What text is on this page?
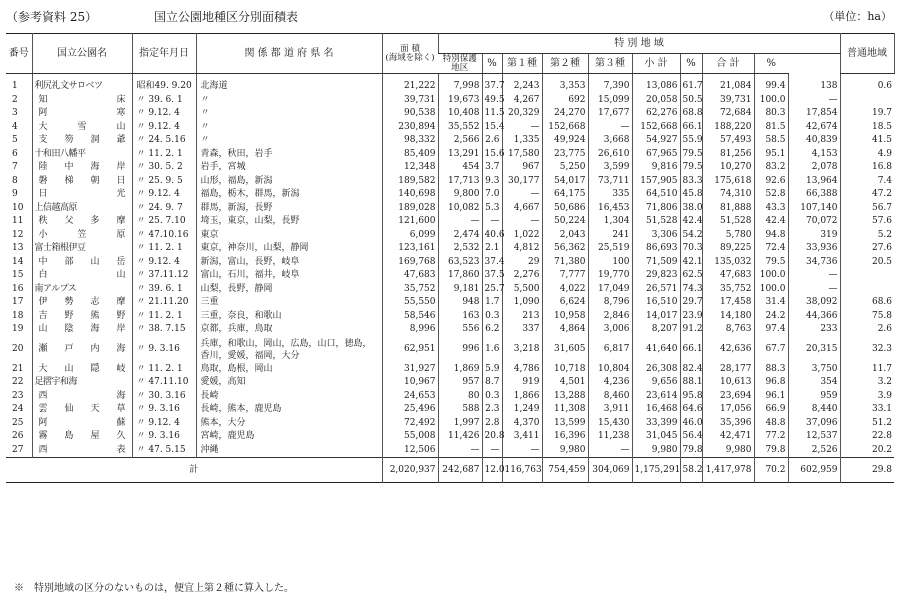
（参考資料 25）	国立公園地種区分別面積表	（単位：ha）
番号	国立公園名	指定年月日	関 係 都 道 府 県 名	面 積
(海域を除く)	特 別 地 域										普通地域	
					特別保護地区	%	第１種	第２種	第３種	小 計	%	合 計	%			

1	利尻礼文サロベツ	昭和49. 9.20	北海道	21,222	7,998	37.7	2,243	3,353	7,390	13,086	61.7	21,084	99.4	138	0.6	
2	知 床	〃 39. 6. 1	〃	39,731	19,673	49.5	4,267	692	15,099	20,058	50.5	39,731	100.0	—		
3	阿 寒	〃 9.12. 4	〃	90,538	10,408	11.5	20,329	24,270	17,677	62,276	68.8	72,684	80.3	17,854	19.7	
4	大 雪 山	〃 9.12. 4	〃	230,894	35,552	15.4	—	152,668	—	152,668	66.1	188,220	81.5	42,674	18.5	
5	支 笏 洞 爺	〃 24. 5.16	〃	98,332	2,566	2.6	1,335	49,924	3,668	54,927	55.9	57,493	58.5	40,839	41.5	
6	十和田八幡平	〃 11. 2. 1	青森，秋田，岩手	85,409	13,291	15.6	17,580	23,775	26,610	67,965	79.5	81,256	95.1	4,153	4.9	
7	陸 中 海 岸	〃 30. 5. 2	岩手，宮城	12,348	454	3.7	967	5,250	3,599	9,816	79.5	10,270	83.2	2,078	16.8	
8	磐 梯 朝 日	〃 25. 9. 5	山形，福島，新潟	189,582	17,713	9.3	30,177	54,017	73,711	157,905	83.3	175,618	92.6	13,964	7.4	
9	日 光	〃 9.12. 4	福島，栃木，群馬，新潟	140,698	9,800	7.0	—	64,175	335	64,510	45.8	74,310	52.8	66,388	47.2	
10	上信越高原	〃 24. 9. 7	群馬，新潟，長野	189,028	10,082	5.3	4,667	50,686	16,453	71,806	38.0	81,888	43.3	107,140	56.7	
11	秩 父 多 摩	〃 25. 7.10	埼玉，東京，山梨，長野	121,600	—	—	—	50,224	1,304	51,528	42.4	51,528	42.4	70,072	57.6	
12	小 笠 原	〃 47.10.16	東京	6,099	2,474	40.6	1,022	2,043	241	3,306	54.2	5,780	94.8	319	5.2	
13	富士箱根伊豆	〃 11. 2. 1	東京，神奈川，山梨，静岡	123,161	2,532	2.1	4,812	56,362	25,519	86,693	70.3	89,225	72.4	33,936	27.6	
14	中 部 山 岳	〃 9.12. 4	新潟，富山，長野，岐阜	169,768	63,523	37.4	29	71,380	100	71,509	42.1	135,032	79.5	34,736	20.5	
15	白 山	〃 37.11.12	富山，石川，福井，岐阜	47,683	17,860	37.5	2,276	7,777	19,770	29,823	62.5	47,683	100.0	—		
16	南アルプス	〃 39. 6. 1	山梨，長野，静岡	35,752	9,181	25.7	5,500	4,022	17,049	26,571	74.3	35,752	100.0	—		
17	伊 勢 志 摩	〃 21.11.20	三重	55,550	948	1.7	1,090	6,624	8,796	16,510	29.7	17,458	31.4	38,092	68.6	
18	吉 野 熊 野	〃 11. 2. 1	三重，奈良，和歌山	58,546	163	0.3	213	10,958	2,846	14,017	23.9	14,180	24.2	44,366	75.8	
19	山 陰 海 岸	〃 38. 7.15	京都，兵庫，鳥取	8,996	556	6.2	337	4,864	3,006	8,207	91.2	8,763	97.4	233	2.6	
20	瀬 戸 内 海	〃 9. 3.16	兵庫，和歌山，岡山，広島，山口，徳島，香川，愛媛，福岡，大分	62,951	996	1.6	3,218	31,605	6,817	41,640	66.1	42,636	67.7	20,315	32.3	
21	大 山 隠 岐	〃 11. 2. 1	鳥取，島根，岡山	31,927	1,869	5.9	4,786	10,718	10,804	26,308	82.4	28,177	88.3	3,750	11.7	
22	足摺宇和海	〃 47.11.10	愛媛，高知	10,967	957	8.7	919	4,501	4,236	9,656	88.1	10,613	96.8	354	3.2	
23	西 海	〃 30. 3.16	長崎	24,653	80	0.3	1,866	13,288	8,460	23,614	95.8	23,694	96.1	959	3.9	
24	雲 仙 天 草	〃 9. 3.16	長崎，熊本，鹿児島	25,496	588	2.3	1,249	11,308	3,911	16,468	64.6	17,056	66.9	8,440	33.1	
25	阿 蘇	〃 9.12. 4	熊本，大分	72,492	1,997	2.8	4,370	13,599	15,430	33,399	46.0	35,396	48.8	37,096	51.2	
26	霧 島 屋 久	〃 9. 3.16	宮崎，鹿児島	55,008	11,426	20.8	3,411	16,396	11,238	31,045	56.4	42,471	77.2	12,537	22.8	
27	西 表	〃 47. 5.15	沖縄	12,506	—	—	—	9,980	—	9,980	79.8	9,980	79.8	2,526	20.2	
計				2,020,937	242,687	12.0	116,763	754,459	304,069	1,175,291	58.2	1,417,978	70.2	602,959	29.8	
※　特別地域の区分のないものは，便宜上第２種に算入した。
